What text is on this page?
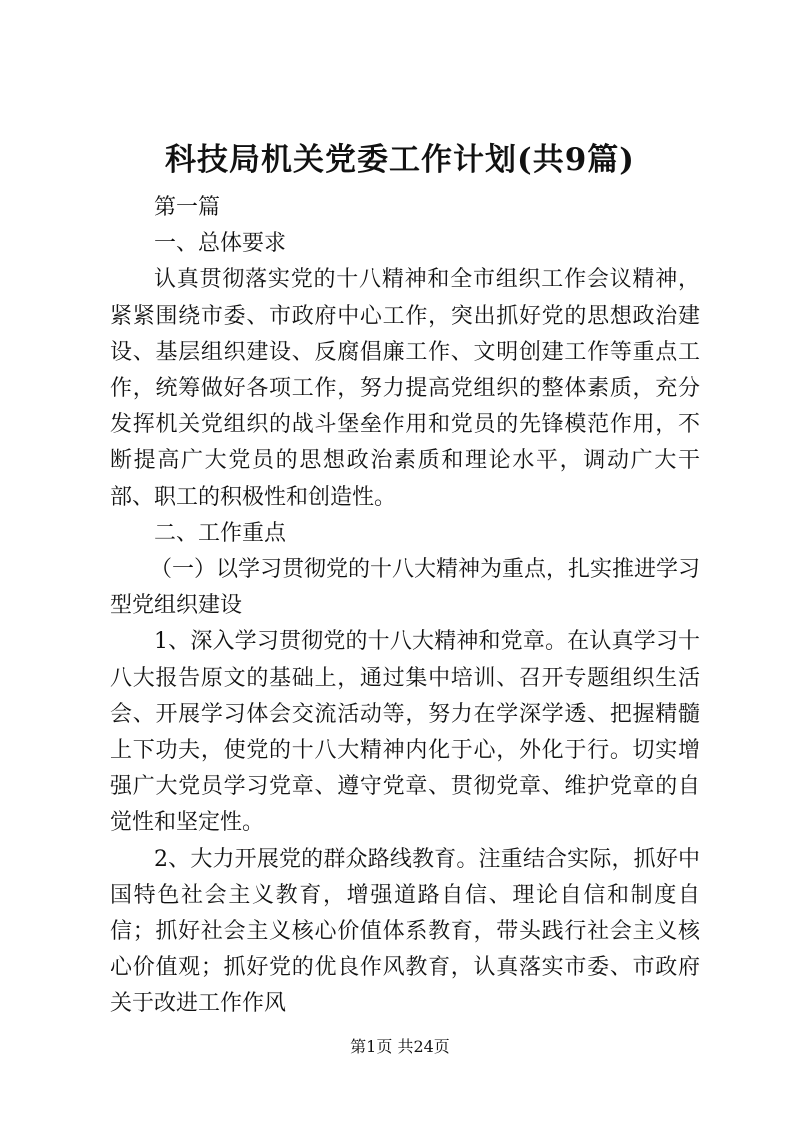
科技局机关党委工作计划(共9篇)

第一篇

一、总体要求

认真贯彻落实党的十八精神和全市组织工作会议精神，紧紧围绕市委、市政府中心工作，突出抓好党的思想政治建设、基层组织建设、反腐倡廉工作、文明创建工作等重点工作，统筹做好各项工作，努力提高党组织的整体素质，充分发挥机关党组织的战斗堡垒作用和党员的先锋模范作用，不断提高广大党员的思想政治素质和理论水平，调动广大干部、职工的积极性和创造性。

二、工作重点

（一）以学习贯彻党的十八大精神为重点，扎实推进学习型党组织建设

1、深入学习贯彻党的十八大精神和党章。在认真学习十八大报告原文的基础上，通过集中培训、召开专题组织生活会、开展学习体会交流活动等，努力在学深学透、把握精髓上下功夫，使党的十八大精神内化于心，外化于行。切实增强广大党员学习党章、遵守党章、贯彻党章、维护党章的自觉性和坚定性。

2、大力开展党的群众路线教育。注重结合实际，抓好中国特色社会主义教育，增强道路自信、理论自信和制度自信；抓好社会主义核心价值体系教育，带头践行社会主义核心价值观；抓好党的优良作风教育，认真落实市委、市政府关于改进工作作风

第1页 共24页
